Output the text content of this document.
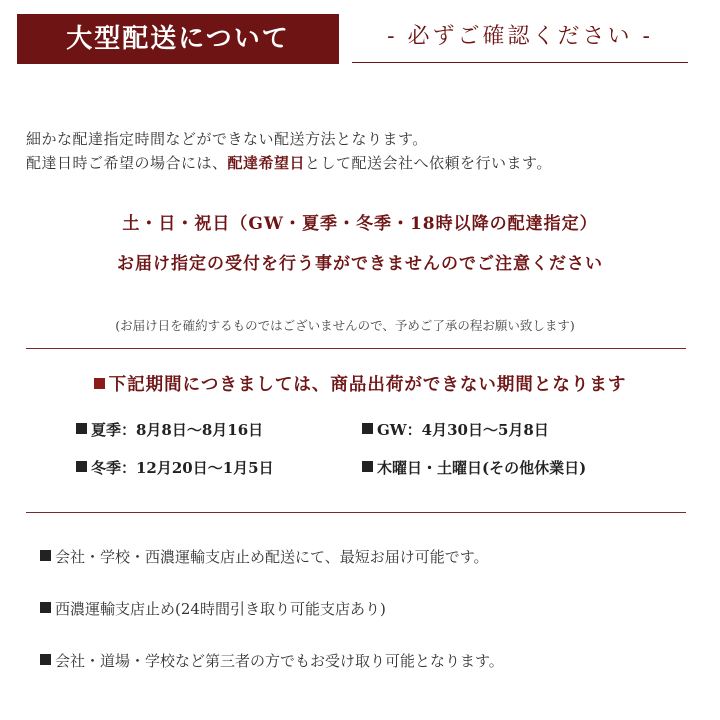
大型配送について	- 必ずご確認ください -
細かな配達指定時間などができない配送方法となります。
配達日時ご希望の場合には、配達希望日として配送会社へ依頼を行います。
土・日・祝日（GW・夏季・冬季・18時以降の配達指定）
お届け指定の受付を行う事ができませんのでご注意ください
(お届け日を確約するものではございませんので、予めご了承の程お願い致します)
下記期間につきましては、商品出荷ができない期間となります
夏季：8月8日〜8月16日	GW：4月30日〜5月8日
冬季：12月20日〜1月5日	木曜日・土曜日(その他休業日)
会社・学校・西濃運輸支店止め配送にて、最短お届け可能です。
西濃運輸支店止め(24時間引き取り可能支店あり)
会社・道場・学校など第三者の方でもお受け取り可能となります。
